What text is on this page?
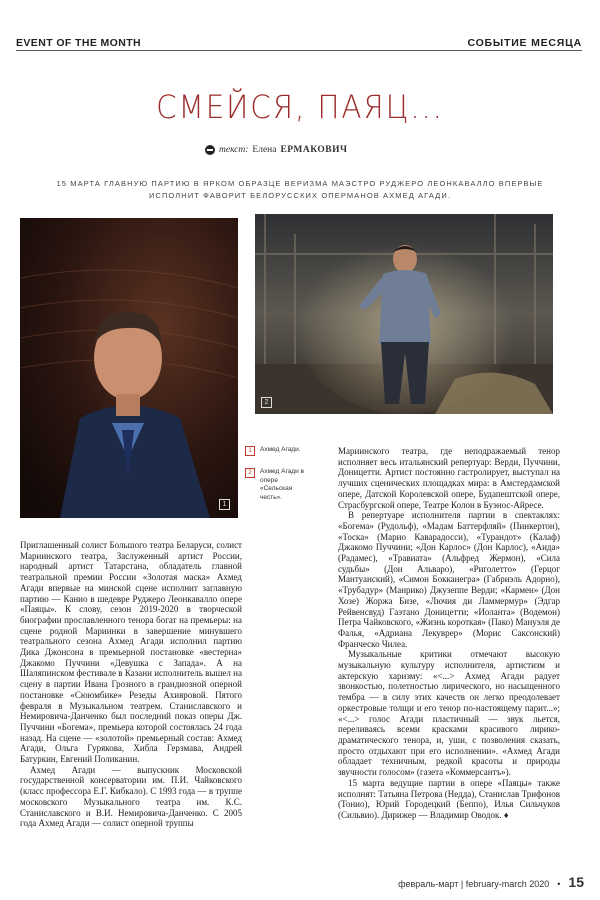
EVENT OF THE MONTH	СОБЫТИЕ МЕСЯЦА
СМЕЙСЯ, ПАЯЦ...
текст: Елена ЕРМАКОВИЧ
15 МАРТА ГЛАВНУЮ ПАРТИЮ В ЯРКОМ ОБРАЗЦЕ ВЕРИЗМА МАЭСТРО РУДЖЕРО ЛЕОНКАВАЛЛО ВПЕРВЫЕ ИСПОЛНИТ ФАВОРИТ БЕЛОРУССКИХ ОПЕРМАНОВ АХМЕД АГАДИ.
1
2
1	Ахмед Агади.
2	Ахмед Агади в опере «Сельская честь».

Приглашенный солист Большого театра Беларуси, солист Мариинского театра, Заслуженный артист России, народный артист Татарстана, обладатель главной театральной премии России «Золотая маска» Ахмед Агади впервые на минской сцене исполнит заглавную партию — Канио в шедевре Руджеро Леонкавалло опере «Паяцы». К слову, сезон 2019-2020 в творческой биографии прославленного тенора богат на премьеры: на сцене родной Мариинки в завершение минувшего театрального сезона Ахмед Агади исполнил партию Дика Джонсона в премьерной постановке «вестерна» Джакомо Пуччини «Девушка с Запада». А на Шаляпинском фестивале в Казани исполнитель вышел на сцену в партии Ивана Грозного в грандиозной оперной постановке «Сююмбике» Резеды Ахияровой. Пятого февраля в Музыкальном театрем. Станиславского и Немировича-Данченко был последний показ оперы Дж. Пуччини «Богема», премьера которой состоялась 24 года назад. На сцене — «золотой» премьерный состав: Ахмед Агади, Ольга Гурякова, Хибла Герзмава, Андрей Батуркин, Евгений Поликанин.

Ахмед Агади — выпускник Московской государственной консерватории им. П.И. Чайковского (класс профессора Е.Г. Кибкало). С 1993 года — в труппе московского Музыкального театра им. К.С. Станиславского и В.И. Немировича-Данченко. С 2005 года Ахмед Агади — солист оперной труппы

Мариинского театра, где неподражаемый тенор исполняет весь итальянский репертуар: Верди, Пуччини, Доницетти. Артист постоянно гастролирует, выступал на лучших сценических площадках мира: в Амстердамской опере, Датской Королевской опере, Будапештской опере, Страсбургской опере, Театре Колон в Буэнос-Айресе.

В репертуаре исполнителя партии в спектаклях: «Богема» (Рудольф), «Мадам Баттерфляй» (Пинкертон), «Тоска» (Марио Каварадосси), «Турандот» (Калаф) Джакомо Пуччини; «Дон Карлос» (Дон Карлос), «Аида» (Радамес), «Травиата» (Альфред Жермон), «Сила судьбы» (Дон Альваро), «Риголетто» (Герцог Мантуанский), «Симон Бокканегра» (Габриэль Адорно), «Трубадур» (Манрико) Джузеппе Верди; «Кармен» (Дон Хозе) Жоржа Бизе, «Лючия ди Ламмермур» (Эдгар Рейвенсвуд) Гаэтано Доницетти; «Иоланта» (Водемон) Петра Чайковского, «Жизнь короткая» (Пако) Мануэля де Фалья, «Адриана Лекуврер» (Морис Саксонский) Франческо Чилеа.

Музыкальные критики отмечают высокую музыкальную культуру исполнителя, артистизм и актерскую харизму: «<...> Ахмед Агади радует звонкостью, полетностью лирического, но насыщенного тембра — в силу этих качеств он легко преодолевает оркестровые толщи и его тенор по-настоящему парит...»; «<...> голос Агади пластичный — звук льется, переливаясь всеми красками красивого лирико-драматического тенора, и, уши, с позволения сказать, просто отдыхают при его исполнении». «Ахмед Агади обладает техничным, редкой красоты и природы звучности голосом» (газета «Коммерсантъ»).

15 марта ведущие партии в опере «Паяцы» также исполнят: Татьяна Петрова (Недда), Станислав Трифонов (Тонио), Юрий Городецкий (Беппо), Илья Сильчуков (Сильвио). Дирижер — Владимир Оводок. ♦

февраль-март | february-march 2020 • 15
